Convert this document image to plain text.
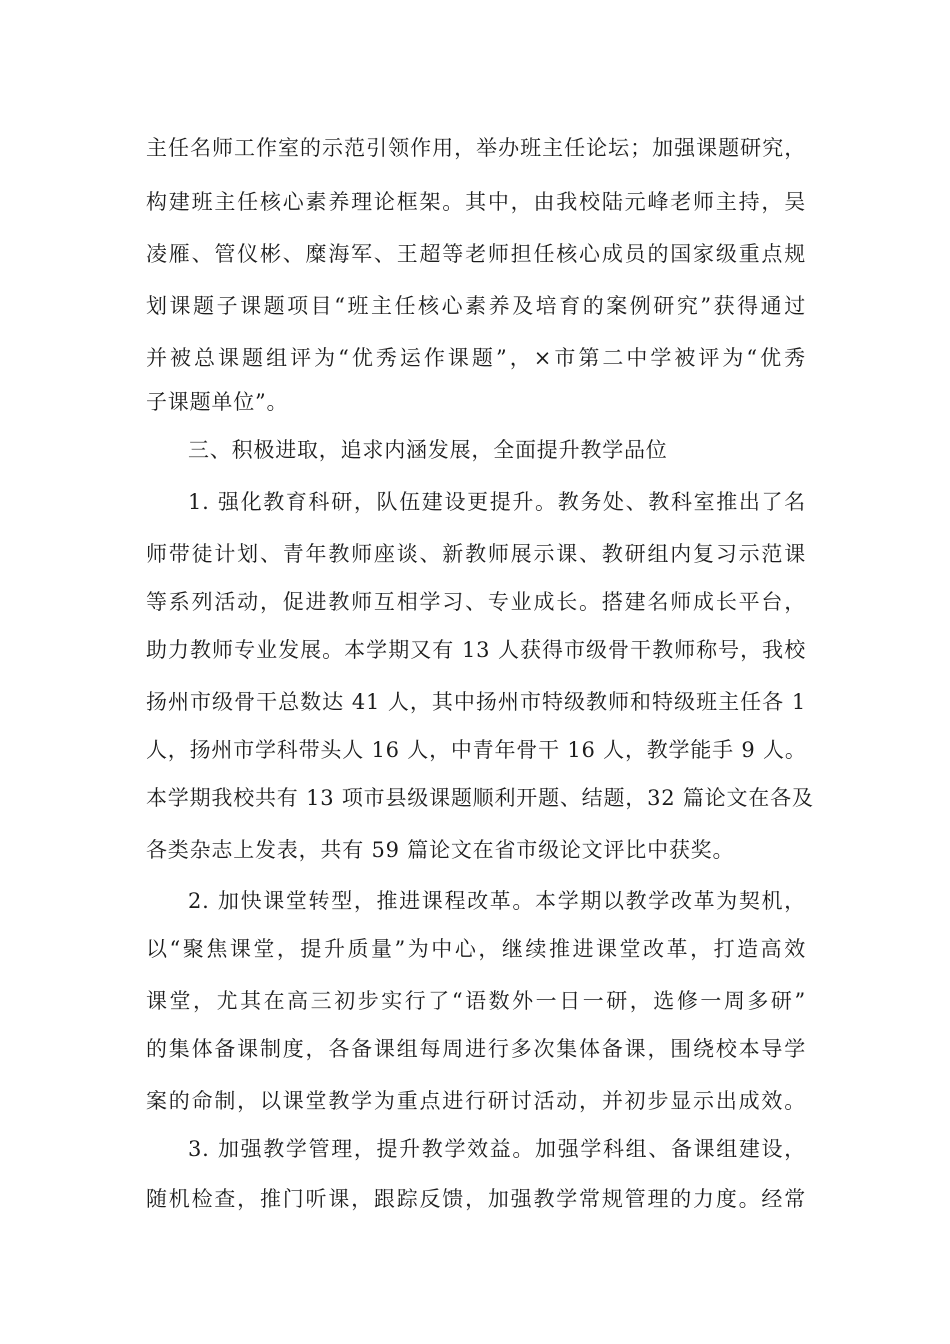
主任名师工作室的示范引领作用，举办班主任论坛；加强课题研究，
构建班主任核心素养理论框架。其中，由我校陆元峰老师主持，吴
凌雁、管仪彬、糜海军、王超等老师担任核心成员的国家级重点规
划课题子课题项目“班主任核心素养及培育的案例研究”获得通过
并被总课题组评为“优秀运作课题”，×市第二中学被评为“优秀
子课题单位”。
三、积极进取，追求内涵发展，全面提升教学品位
1. 强化教育科研，队伍建设更提升。教务处、教科室推出了名
师带徒计划、青年教师座谈、新教师展示课、教研组内复习示范课
等系列活动，促进教师互相学习、专业成长。搭建名师成长平台，
助力教师专业发展。本学期又有 13 人获得市级骨干教师称号，我校
扬州市级骨干总数达 41 人，其中扬州市特级教师和特级班主任各 1
人，扬州市学科带头人 16 人，中青年骨干 16 人，教学能手 9 人。
本学期我校共有 13 项市县级课题顺利开题、结题，32 篇论文在各及
各类杂志上发表，共有 59 篇论文在省市级论文评比中获奖。
2. 加快课堂转型，推进课程改革。本学期以教学改革为契机，
以“聚焦课堂，提升质量”为中心，继续推进课堂改革，打造高效
课堂，尤其在高三初步实行了“语数外一日一研，选修一周多研”
的集体备课制度，各备课组每周进行多次集体备课，围绕校本导学
案的命制，以课堂教学为重点进行研讨活动，并初步显示出成效。
3. 加强教学管理，提升教学效益。加强学科组、备课组建设，
随机检查，推门听课，跟踪反馈，加强教学常规管理的力度。经常
